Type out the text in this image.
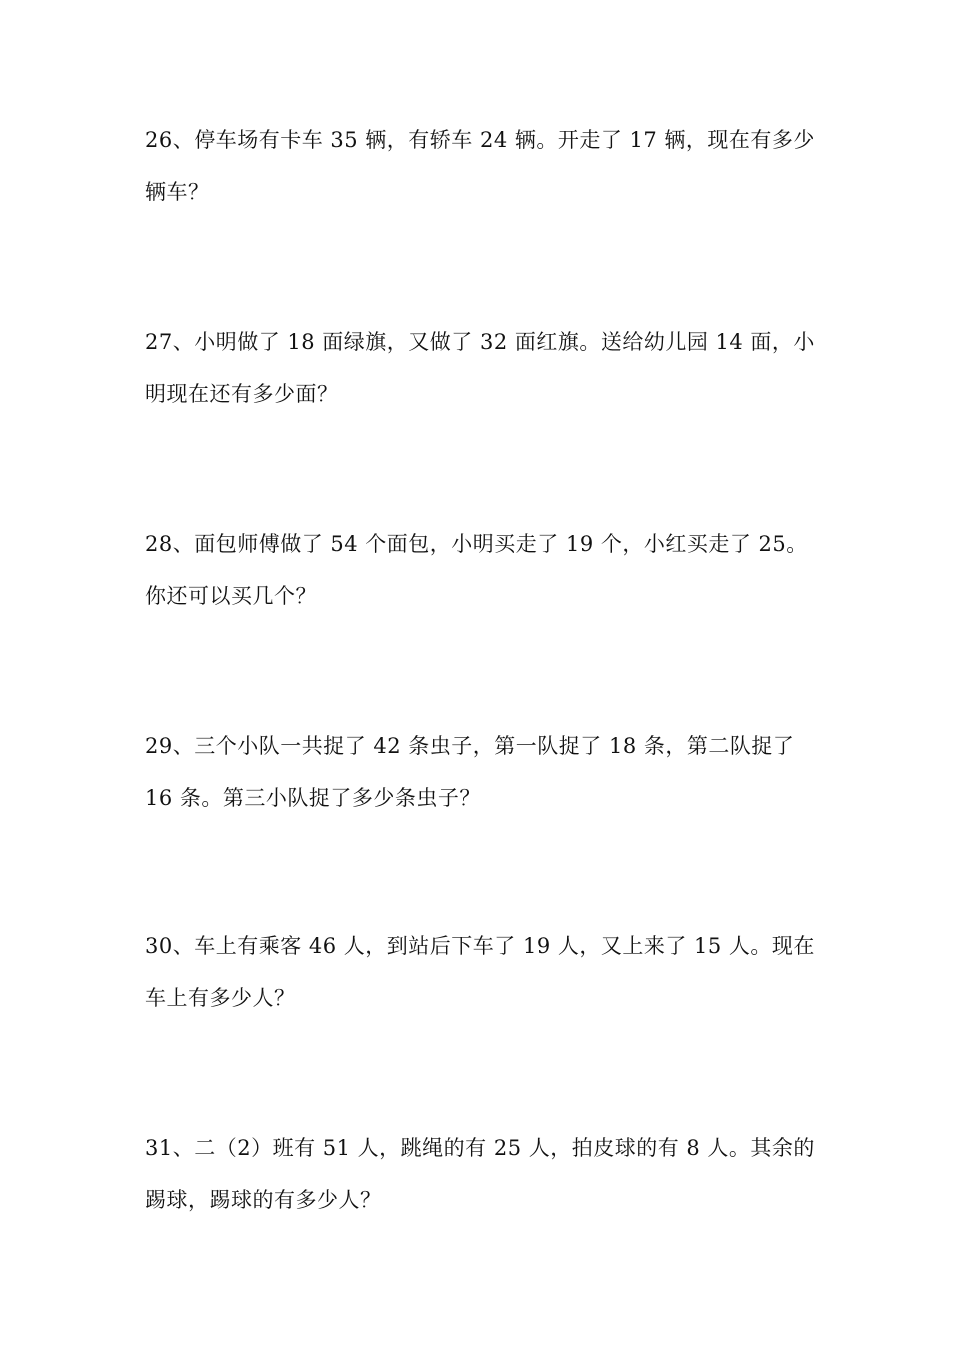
26、停车场有卡车 35 辆，有轿车 24 辆。开走了 17 辆，现在有多少
辆车？
27、小明做了 18 面绿旗，又做了 32 面红旗。送给幼儿园 14 面，小
明现在还有多少面？
28、面包师傅做了 54 个面包，小明买走了 19 个，小红买走了 25。
你还可以买几个？
29、三个小队一共捉了 42 条虫子，第一队捉了 18 条，第二队捉了
16 条。第三小队捉了多少条虫子？
30、车上有乘客 46 人，到站后下车了 19 人，又上来了 15 人。现在
车上有多少人？
31、二（2）班有 51 人，跳绳的有 25 人，拍皮球的有 8 人。其余的
踢球，踢球的有多少人？
